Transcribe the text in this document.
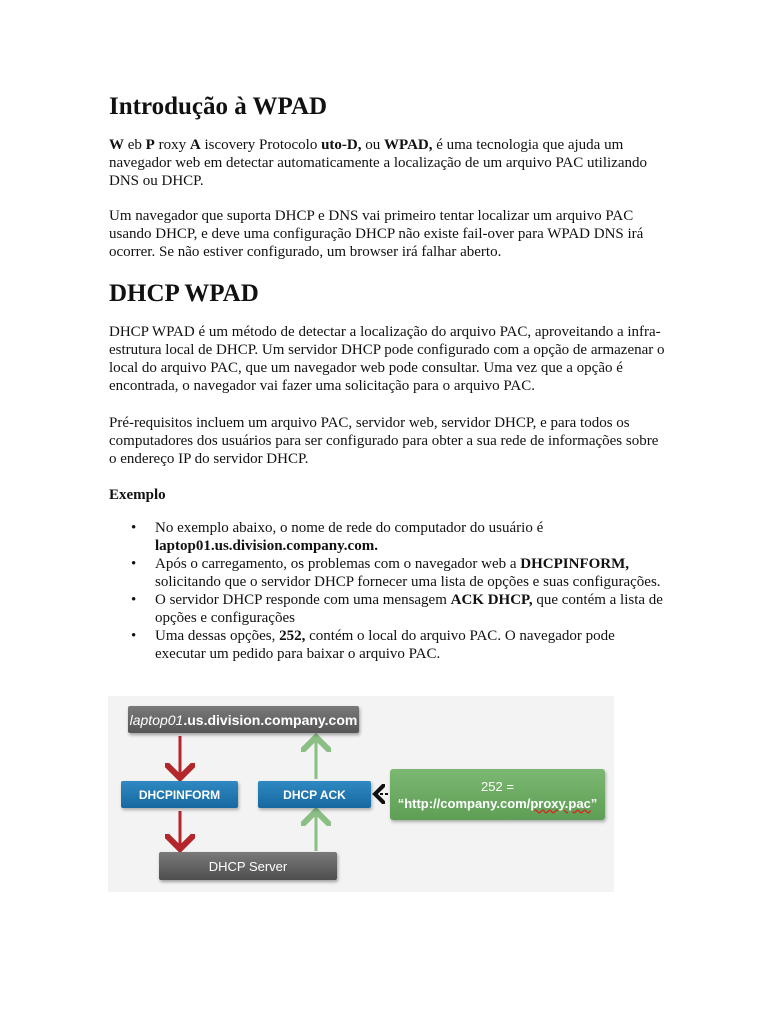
Introdução à WPAD

W eb P roxy A iscovery Protocolo uto-D, ou WPAD, é uma tecnologia que ajuda um navegador web em detectar automaticamente a localização de um arquivo PAC utilizando DNS ou DHCP.

Um navegador que suporta DHCP e DNS vai primeiro tentar localizar um arquivo PAC usando DHCP, e deve uma configuração DHCP não existe fail-over para WPAD DNS irá ocorrer. Se não estiver configurado, um browser irá falhar aberto.

DHCP WPAD

DHCP WPAD é um método de detectar a localização do arquivo PAC, aproveitando a infra-estrutura local de DHCP. Um servidor DHCP pode configurado com a opção de armazenar o local do arquivo PAC, que um navegador web pode consultar. Uma vez que a opção é encontrada, o navegador vai fazer uma solicitação para o arquivo PAC.

Pré-requisitos incluem um arquivo PAC, servidor web, servidor DHCP, e para todos os computadores dos usuários para ser configurado para obter a sua rede de informações sobre o endereço IP do servidor DHCP.

Exemplo

• No exemplo abaixo, o nome de rede do computador do usuário é laptop01.us.division.company.com.
• Após o carregamento, os problemas com o navegador web a DHCPINFORM, solicitando que o servidor DHCP fornecer uma lista de opções e suas configurações.
• O servidor DHCP responde com uma mensagem ACK DHCP, que contém a lista de opções e configurações
• Uma dessas opções, 252, contém o local do arquivo PAC. O navegador pode executar um pedido para baixar o arquivo PAC.
laptop01 .us.division.company.com
DHCPINFORM	DHCP ACK
252 =
“http://company.com/proxy.pac”
DHCP Server
